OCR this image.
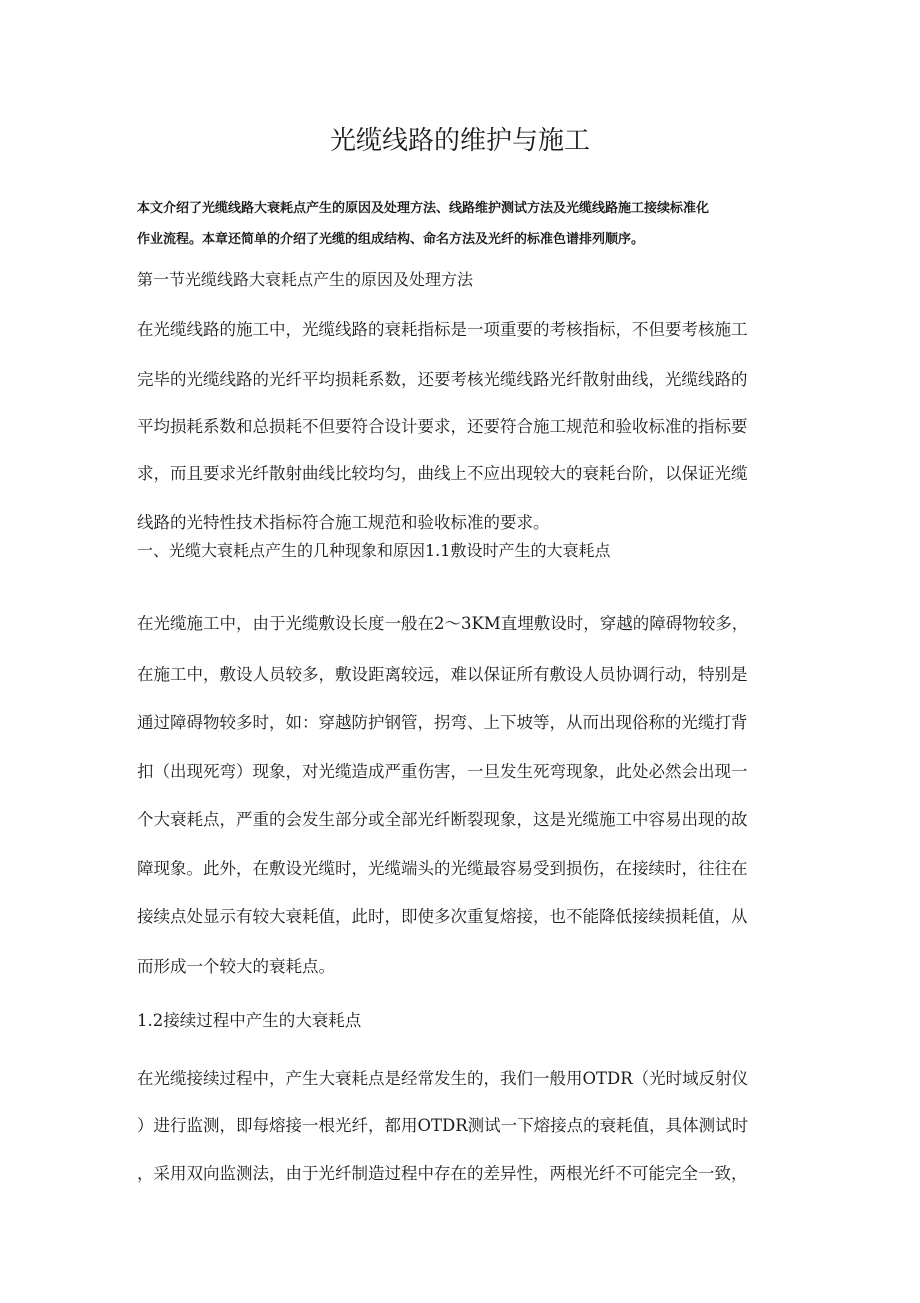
光缆线路的维护与施工

本文介绍了光缆线路大衰耗点产生的原因及处理方法、线路维护测试方法及光缆线路施工接续标准化

作业流程。本章还简单的介绍了光缆的组成结构、命名方法及光纤的标准色谱排列顺序。

第一节光缆线路大衰耗点产生的原因及处理方法

在光缆线路的施工中，光缆线路的衰耗指标是一项重要的考核指标，不但要考核施工

完毕的光缆线路的光纤平均损耗系数，还要考核光缆线路光纤散射曲线，光缆线路的

平均损耗系数和总损耗不但要符合设计要求，还要符合施工规范和验收标准的指标要

求，而且要求光纤散射曲线比较均匀，曲线上不应出现较大的衰耗台阶，以保证光缆

线路的光特性技术指标符合施工规范和验收标准的要求。

一、光缆大衰耗点产生的几种现象和原因1.1敷设时产生的大衰耗点

在光缆施工中，由于光缆敷设长度一般在2～3KM直埋敷设时，穿越的障碍物较多，

在施工中，敷设人员较多，敷设距离较远，难以保证所有敷设人员协调行动，特别是

通过障碍物较多时，如：穿越防护钢管，拐弯、上下坡等，从而出现俗称的光缆打背

扣（出现死弯）现象，对光缆造成严重伤害，一旦发生死弯现象，此处必然会出现一

个大衰耗点，严重的会发生部分或全部光纤断裂现象，这是光缆施工中容易出现的故

障现象。此外，在敷设光缆时，光缆端头的光缆最容易受到损伤，在接续时，往往在

接续点处显示有较大衰耗值，此时，即使多次重复熔接，也不能降低接续损耗值，从

而形成一个较大的衰耗点。

1.2接续过程中产生的大衰耗点

在光缆接续过程中，产生大衰耗点是经常发生的，我们一般用OTDR（光时域反射仪

）进行监测，即每熔接一根光纤，都用OTDR测试一下熔接点的衰耗值，具体测试时

，采用双向监测法，由于光纤制造过程中存在的差异性，两根光纤不可能完全一致，
